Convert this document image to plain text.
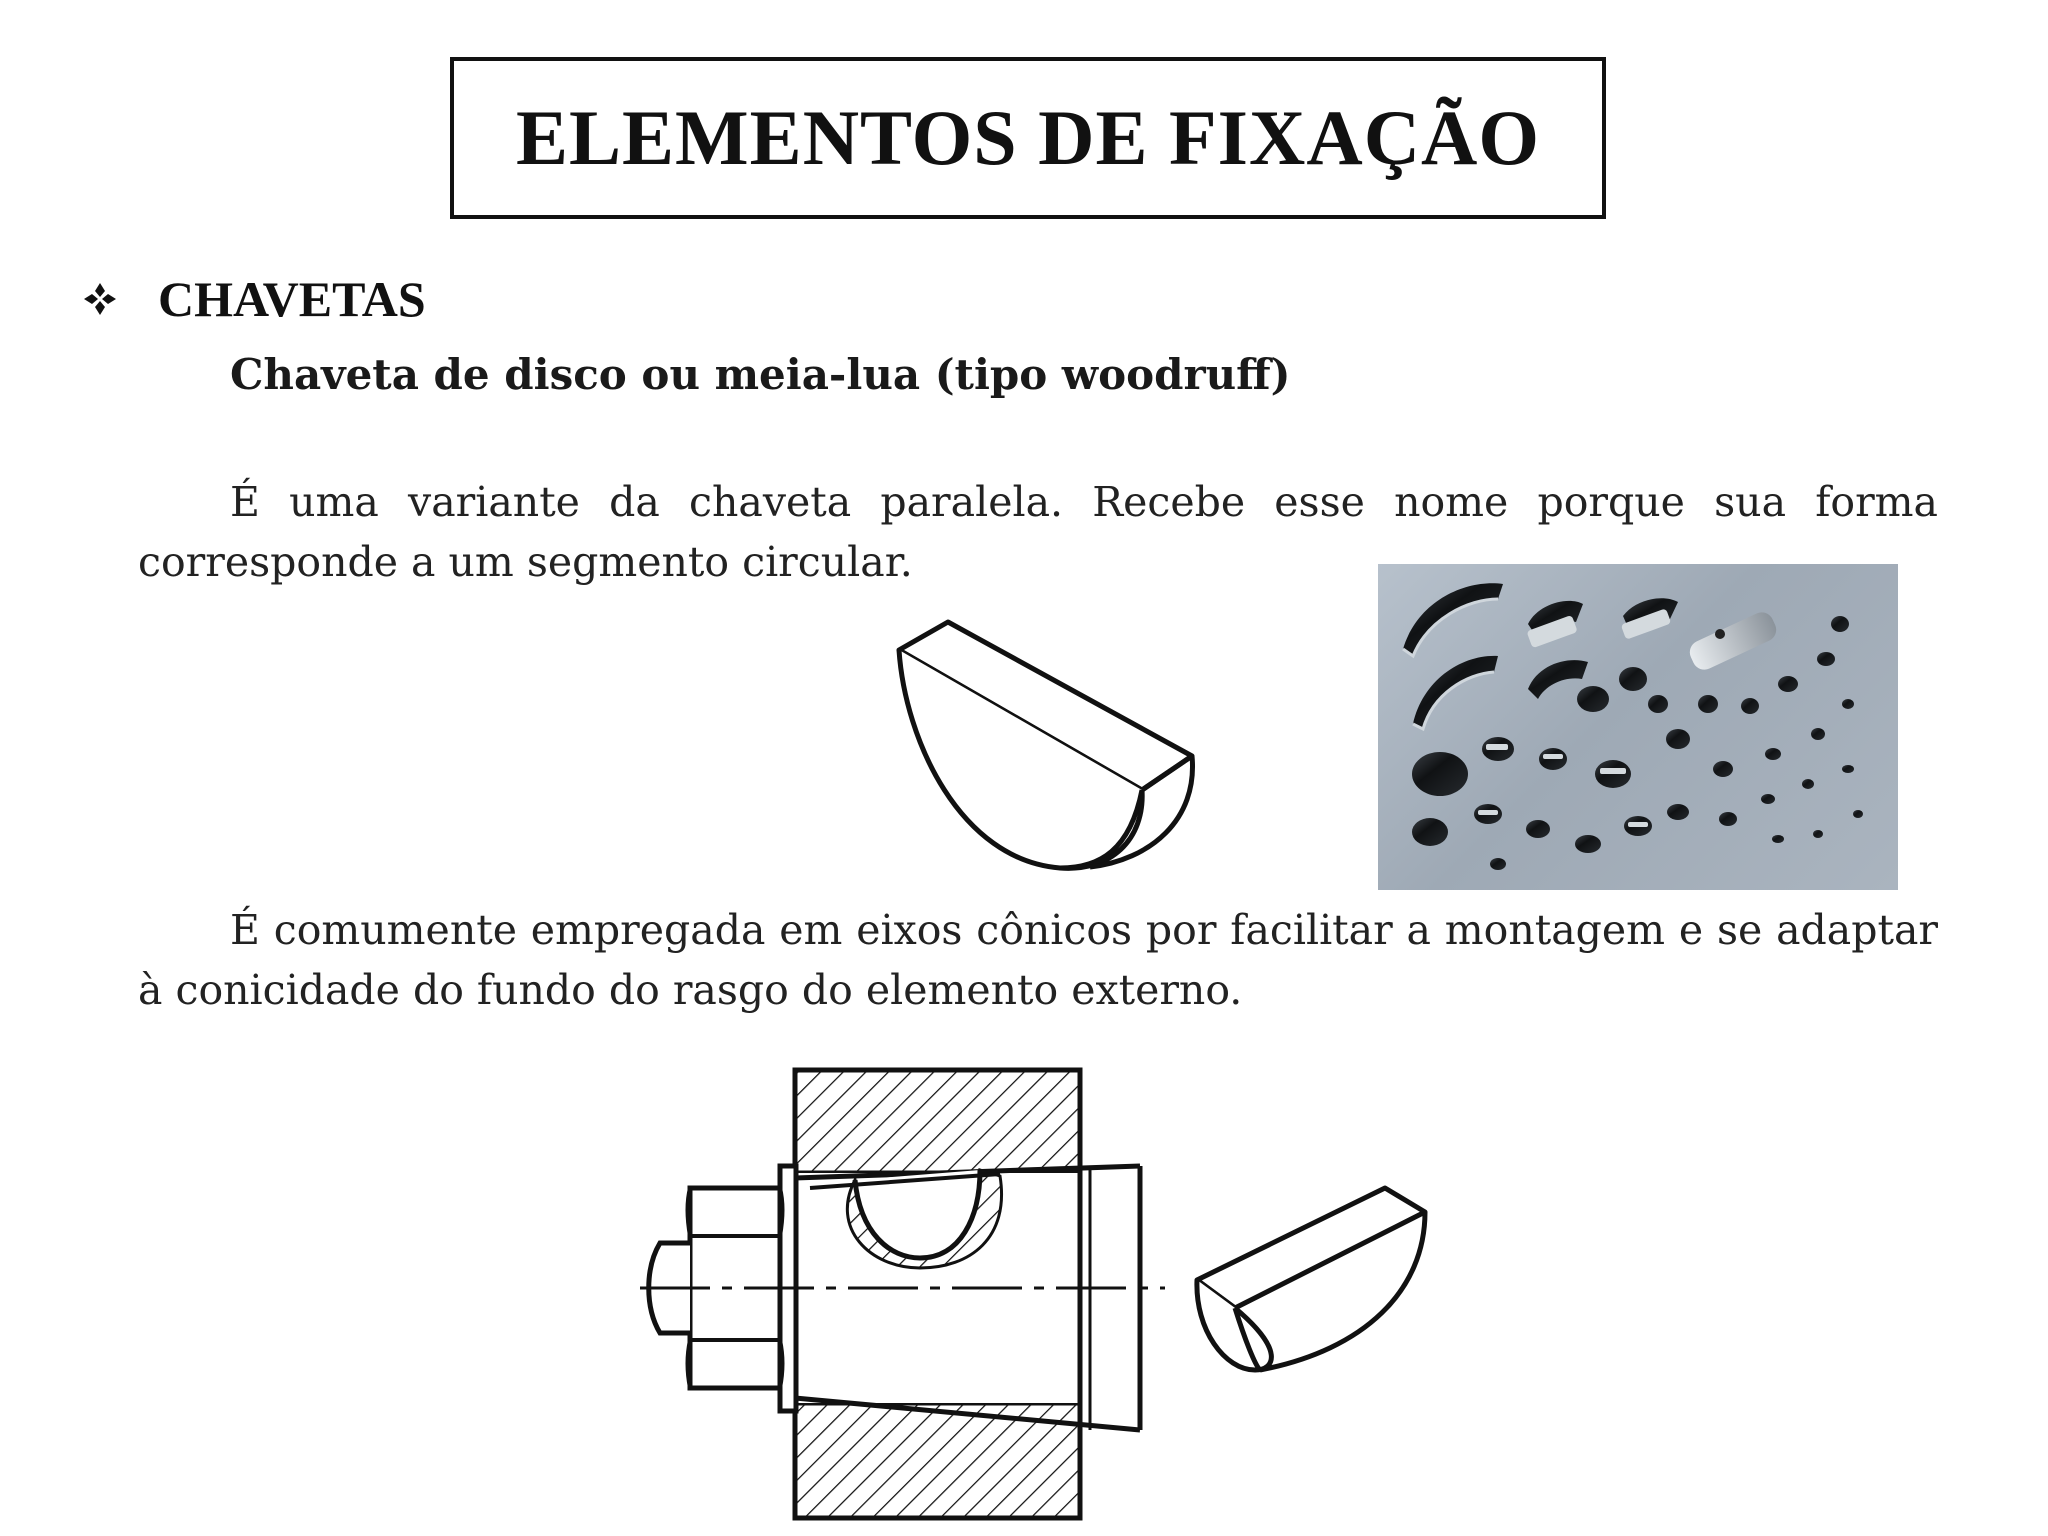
ELEMENTOS DE FIXAÇÃO
CHAVETAS
Chaveta de disco ou meia-lua (tipo woodruff)
É uma variante da chaveta paralela. Recebe esse nome porque sua forma corresponde a um segmento circular.
É comumente empregada em eixos cônicos por facilitar a montagem e se adaptar à conicidade do fundo do rasgo do elemento externo.
